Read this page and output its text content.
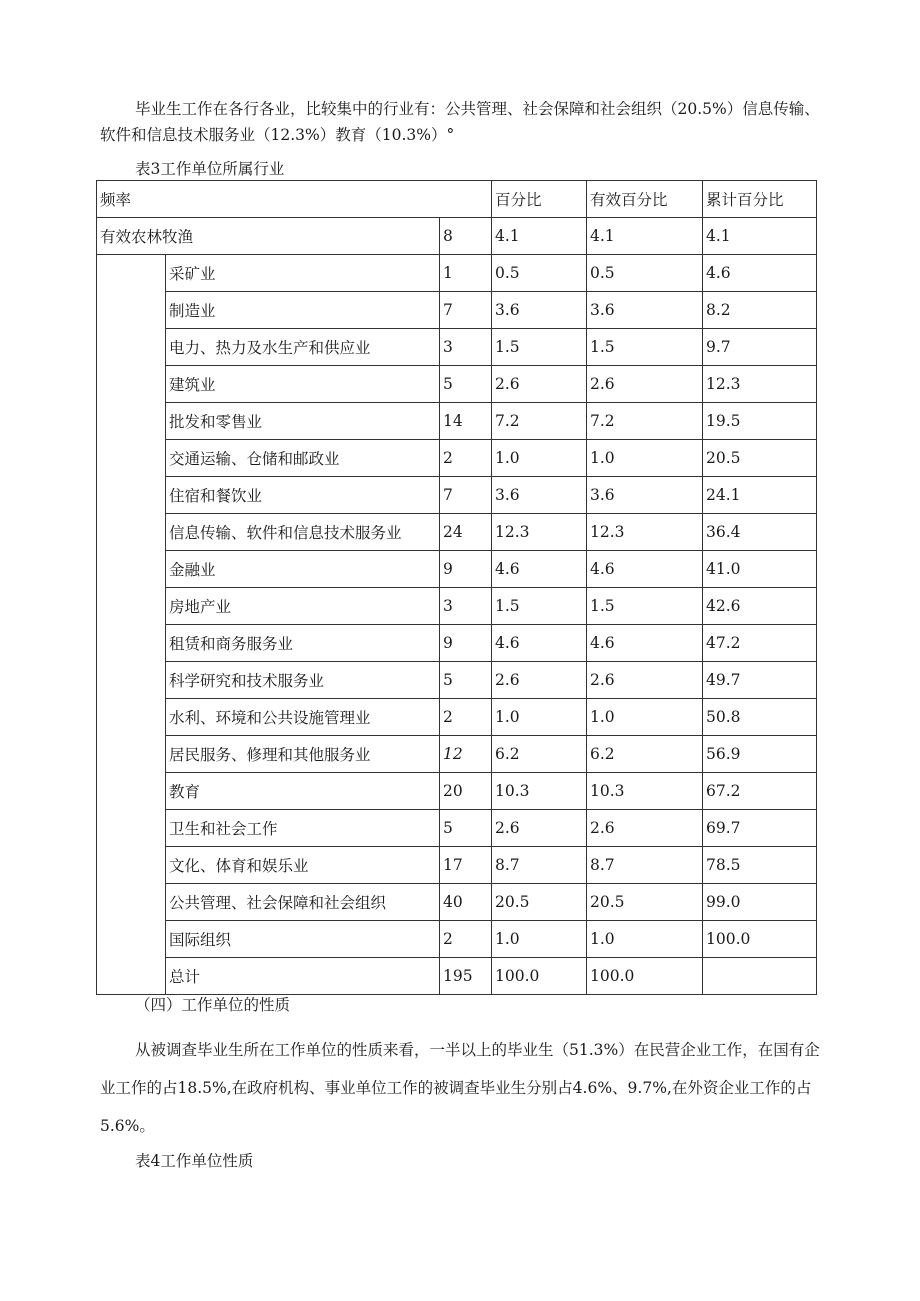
毕业生工作在各行各业，比较集中的行业有：公共管理、社会保障和社会组织（20.5%）信息传输、软件和信息技术服务业（12.3%）教育（10.3%）°

表3工作单位所属行业

频率			百分比	有效百分比	累计百分比
有效农林牧渔		8	4.1	4.1	4.1
	采矿业	1	0.5	0.5	4.6
	制造业	7	3.6	3.6	8.2
	电力、热力及水生产和供应业	3	1.5	1.5	9.7
	建筑业	5	2.6	2.6	12.3
	批发和零售业	14	7.2	7.2	19.5
	交通运输、仓储和邮政业	2	1.0	1.0	20.5
	住宿和餐饮业	7	3.6	3.6	24.1
	信息传输、软件和信息技术服务业	24	12.3	12.3	36.4
	金融业	9	4.6	4.6	41.0
	房地产业	3	1.5	1.5	42.6
	租赁和商务服务业	9	4.6	4.6	47.2
	科学研究和技术服务业	5	2.6	2.6	49.7
	水利、环境和公共设施管理业	2	1.0	1.0	50.8
	居民服务、修理和其他服务业	12	6.2	6.2	56.9
	教育	20	10.3	10.3	67.2
	卫生和社会工作	5	2.6	2.6	69.7
	文化、体育和娱乐业	17	8.7	8.7	78.5
	公共管理、社会保障和社会组织	40	20.5	20.5	99.0
	国际组织	2	1.0	1.0	100.0
	总计	195	100.0	100.0	

（四）工作单位的性质

从被调查毕业生所在工作单位的性质来看，一半以上的毕业生（51.3%）在民营企业工作，在国有企业工作的占18.5%,在政府机构、事业单位工作的被调查毕业生分别占4.6%、9.7%,在外资企业工作的占5.6%。

表4工作单位性质
